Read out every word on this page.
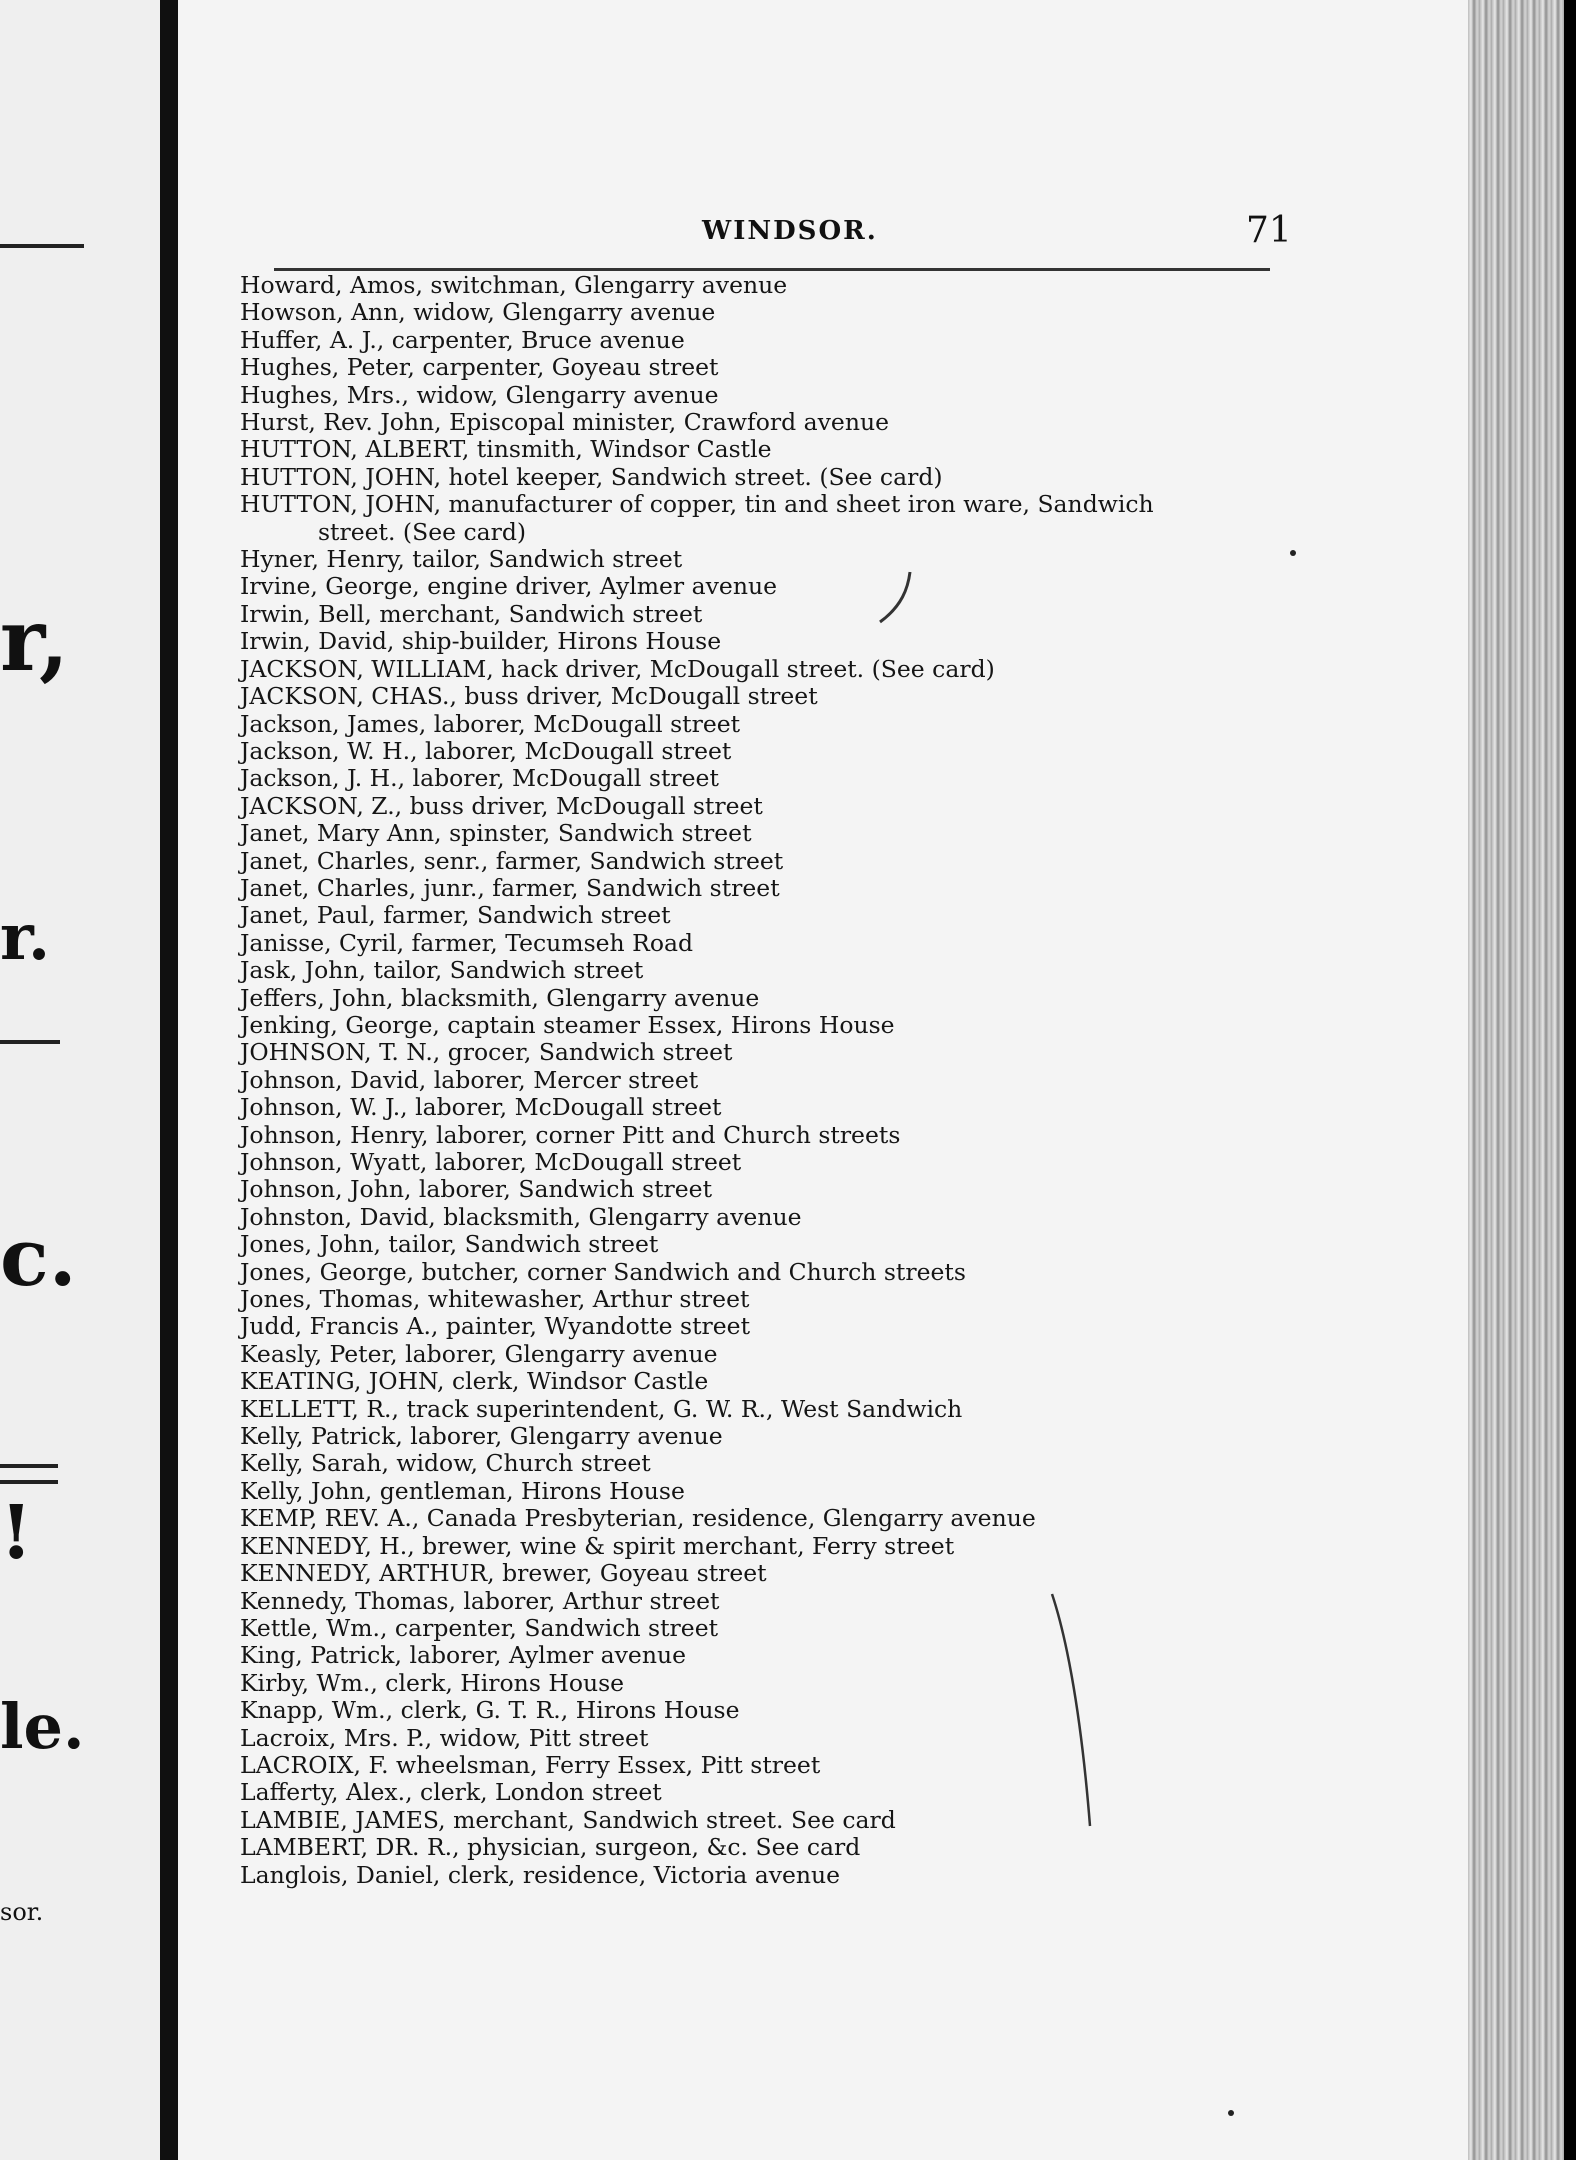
r,
r.
c.
!
le.
sor.
WINDSOR.	71
Howard, Amos, switchman, Glengarry avenue
Howson, Ann, widow, Glengarry avenue
Huffer, A. J., carpenter, Bruce avenue
Hughes, Peter, carpenter, Goyeau street
Hughes, Mrs., widow, Glengarry avenue
Hurst, Rev. John, Episcopal minister, Crawford avenue
HUTTON, ALBERT, tinsmith, Windsor Castle
HUTTON, JOHN, hotel keeper, Sandwich street. (See card)
HUTTON, JOHN, manufacturer of copper, tin and sheet iron ware, Sandwich
street. (See card)
Hyner, Henry, tailor, Sandwich street
Irvine, George, engine driver, Aylmer avenue
Irwin, Bell, merchant, Sandwich street
Irwin, David, ship-builder, Hirons House
JACKSON, WILLIAM, hack driver, McDougall street. (See card)
JACKSON, CHAS., buss driver, McDougall street
Jackson, James, laborer, McDougall street
Jackson, W. H., laborer, McDougall street
Jackson, J. H., laborer, McDougall street
JACKSON, Z., buss driver, McDougall street
Janet, Mary Ann, spinster, Sandwich street
Janet, Charles, senr., farmer, Sandwich street
Janet, Charles, junr., farmer, Sandwich street
Janet, Paul, farmer, Sandwich street
Janisse, Cyril, farmer, Tecumseh Road
Jask, John, tailor, Sandwich street
Jeffers, John, blacksmith, Glengarry avenue
Jenking, George, captain steamer Essex, Hirons House
JOHNSON, T. N., grocer, Sandwich street
Johnson, David, laborer, Mercer street
Johnson, W. J., laborer, McDougall street
Johnson, Henry, laborer, corner Pitt and Church streets
Johnson, Wyatt, laborer, McDougall street
Johnson, John, laborer, Sandwich street
Johnston, David, blacksmith, Glengarry avenue
Jones, John, tailor, Sandwich street
Jones, George, butcher, corner Sandwich and Church streets
Jones, Thomas, whitewasher, Arthur street
Judd, Francis A., painter, Wyandotte street
Keasly, Peter, laborer, Glengarry avenue
KEATING, JOHN, clerk, Windsor Castle
KELLETT, R., track superintendent, G. W. R., West Sandwich
Kelly, Patrick, laborer, Glengarry avenue
Kelly, Sarah, widow, Church street
Kelly, John, gentleman, Hirons House
KEMP, REV. A., Canada Presbyterian, residence, Glengarry avenue
KENNEDY, H., brewer, wine & spirit merchant, Ferry street
KENNEDY, ARTHUR, brewer, Goyeau street
Kennedy, Thomas, laborer, Arthur street
Kettle, Wm., carpenter, Sandwich street
King, Patrick, laborer, Aylmer avenue
Kirby, Wm., clerk, Hirons House
Knapp, Wm., clerk, G. T. R., Hirons House
Lacroix, Mrs. P., widow, Pitt street
LACROIX, F. wheelsman, Ferry Essex, Pitt street
Lafferty, Alex., clerk, London street
LAMBIE, JAMES, merchant, Sandwich street. See card
LAMBERT, DR. R., physician, surgeon, &c. See card
Langlois, Daniel, clerk, residence, Victoria avenue
